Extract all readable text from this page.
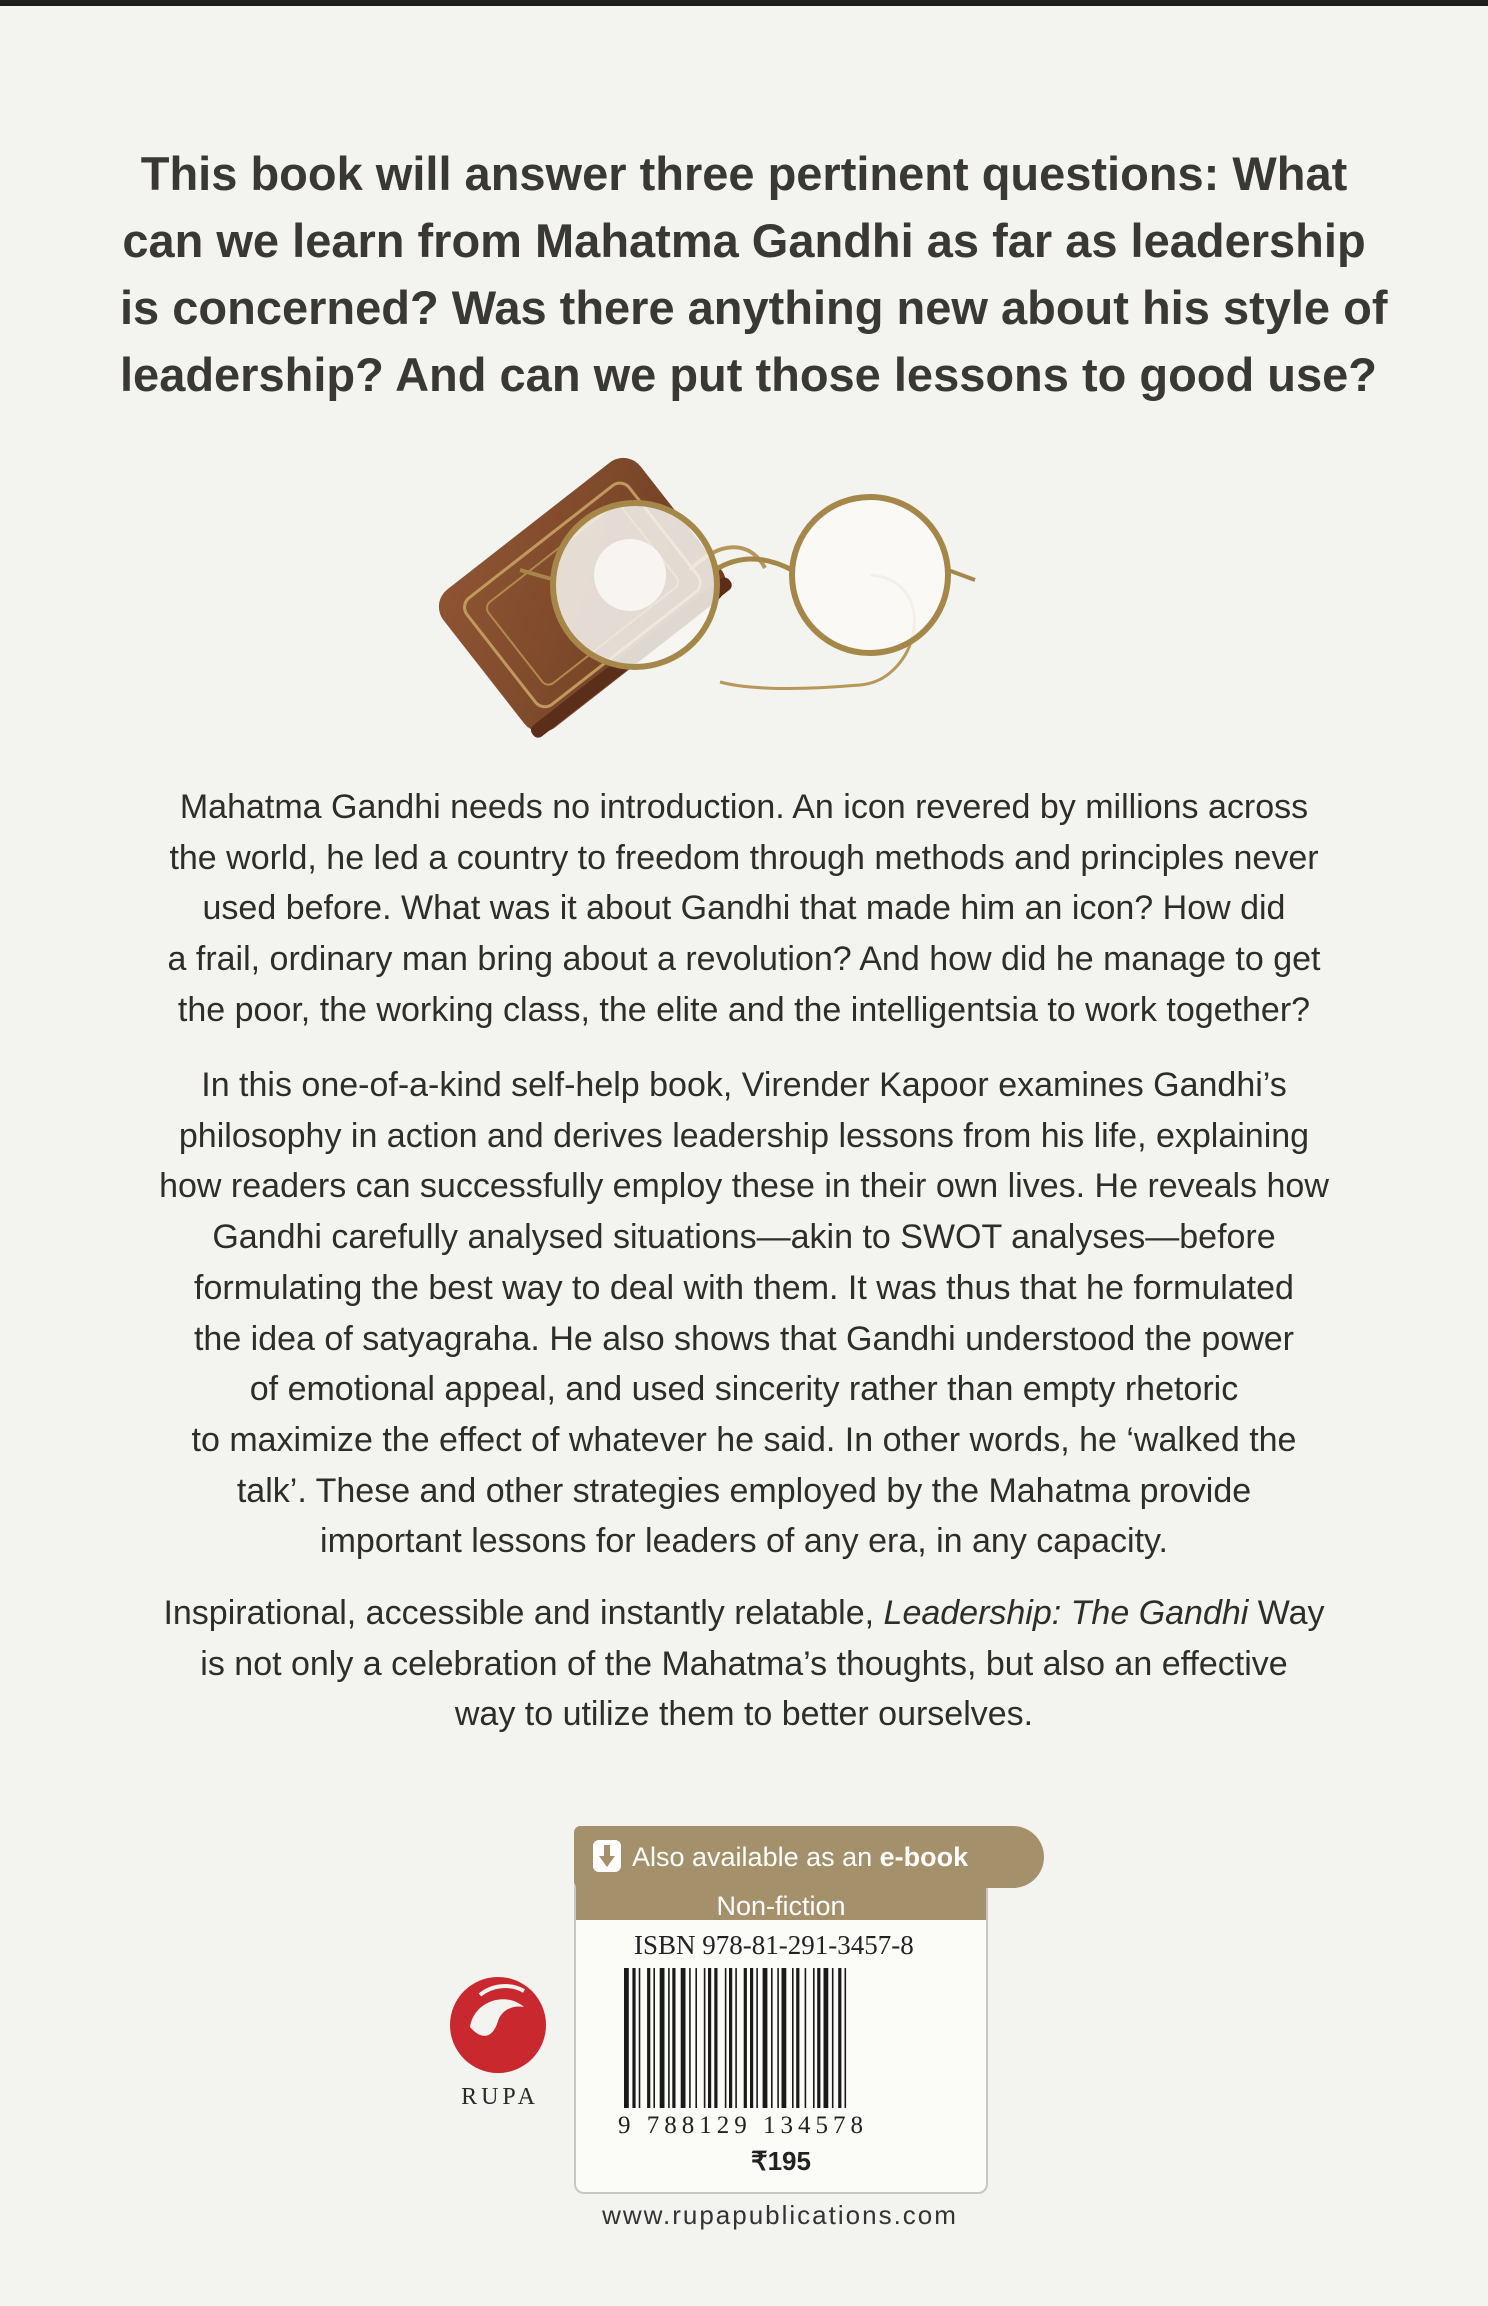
This book will answer three pertinent questions: What
can we learn from Mahatma Gandhi as far as leadership
is concerned? Was there anything new about his style of
leadership? And can we put those lessons to good use?
Mahatma Gandhi needs no introduction. An icon revered by millions across
the world, he led a country to freedom through methods and principles never
used before. What was it about Gandhi that made him an icon? How did
a frail, ordinary man bring about a revolution? And how did he manage to get
the poor, the working class, the elite and the intelligentsia to work together?
In this one-of-a-kind self-help book, Virender Kapoor examines Gandhi’s
philosophy in action and derives leadership lessons from his life, explaining
how readers can successfully employ these in their own lives. He reveals how
Gandhi carefully analysed situations—akin to SWOT analyses—before
formulating the best way to deal with them. It was thus that he formulated
the idea of satyagraha. He also shows that Gandhi understood the power
of emotional appeal, and used sincerity rather than empty rhetoric
to maximize the effect of whatever he said. In other words, he ‘walked the
talk’. These and other strategies employed by the Mahatma provide
important lessons for leaders of any era, in any capacity.
Inspirational, accessible and instantly relatable, Leadership: The Gandhi Way
is not only a celebration of the Mahatma’s thoughts, but also an effective
way to utilize them to better ourselves.
RUPA
Non-fiction
ISBN 978-81-291-3457-8
9 788129 134578
₹195
Also available as an e-book
www.rupapublications.com
